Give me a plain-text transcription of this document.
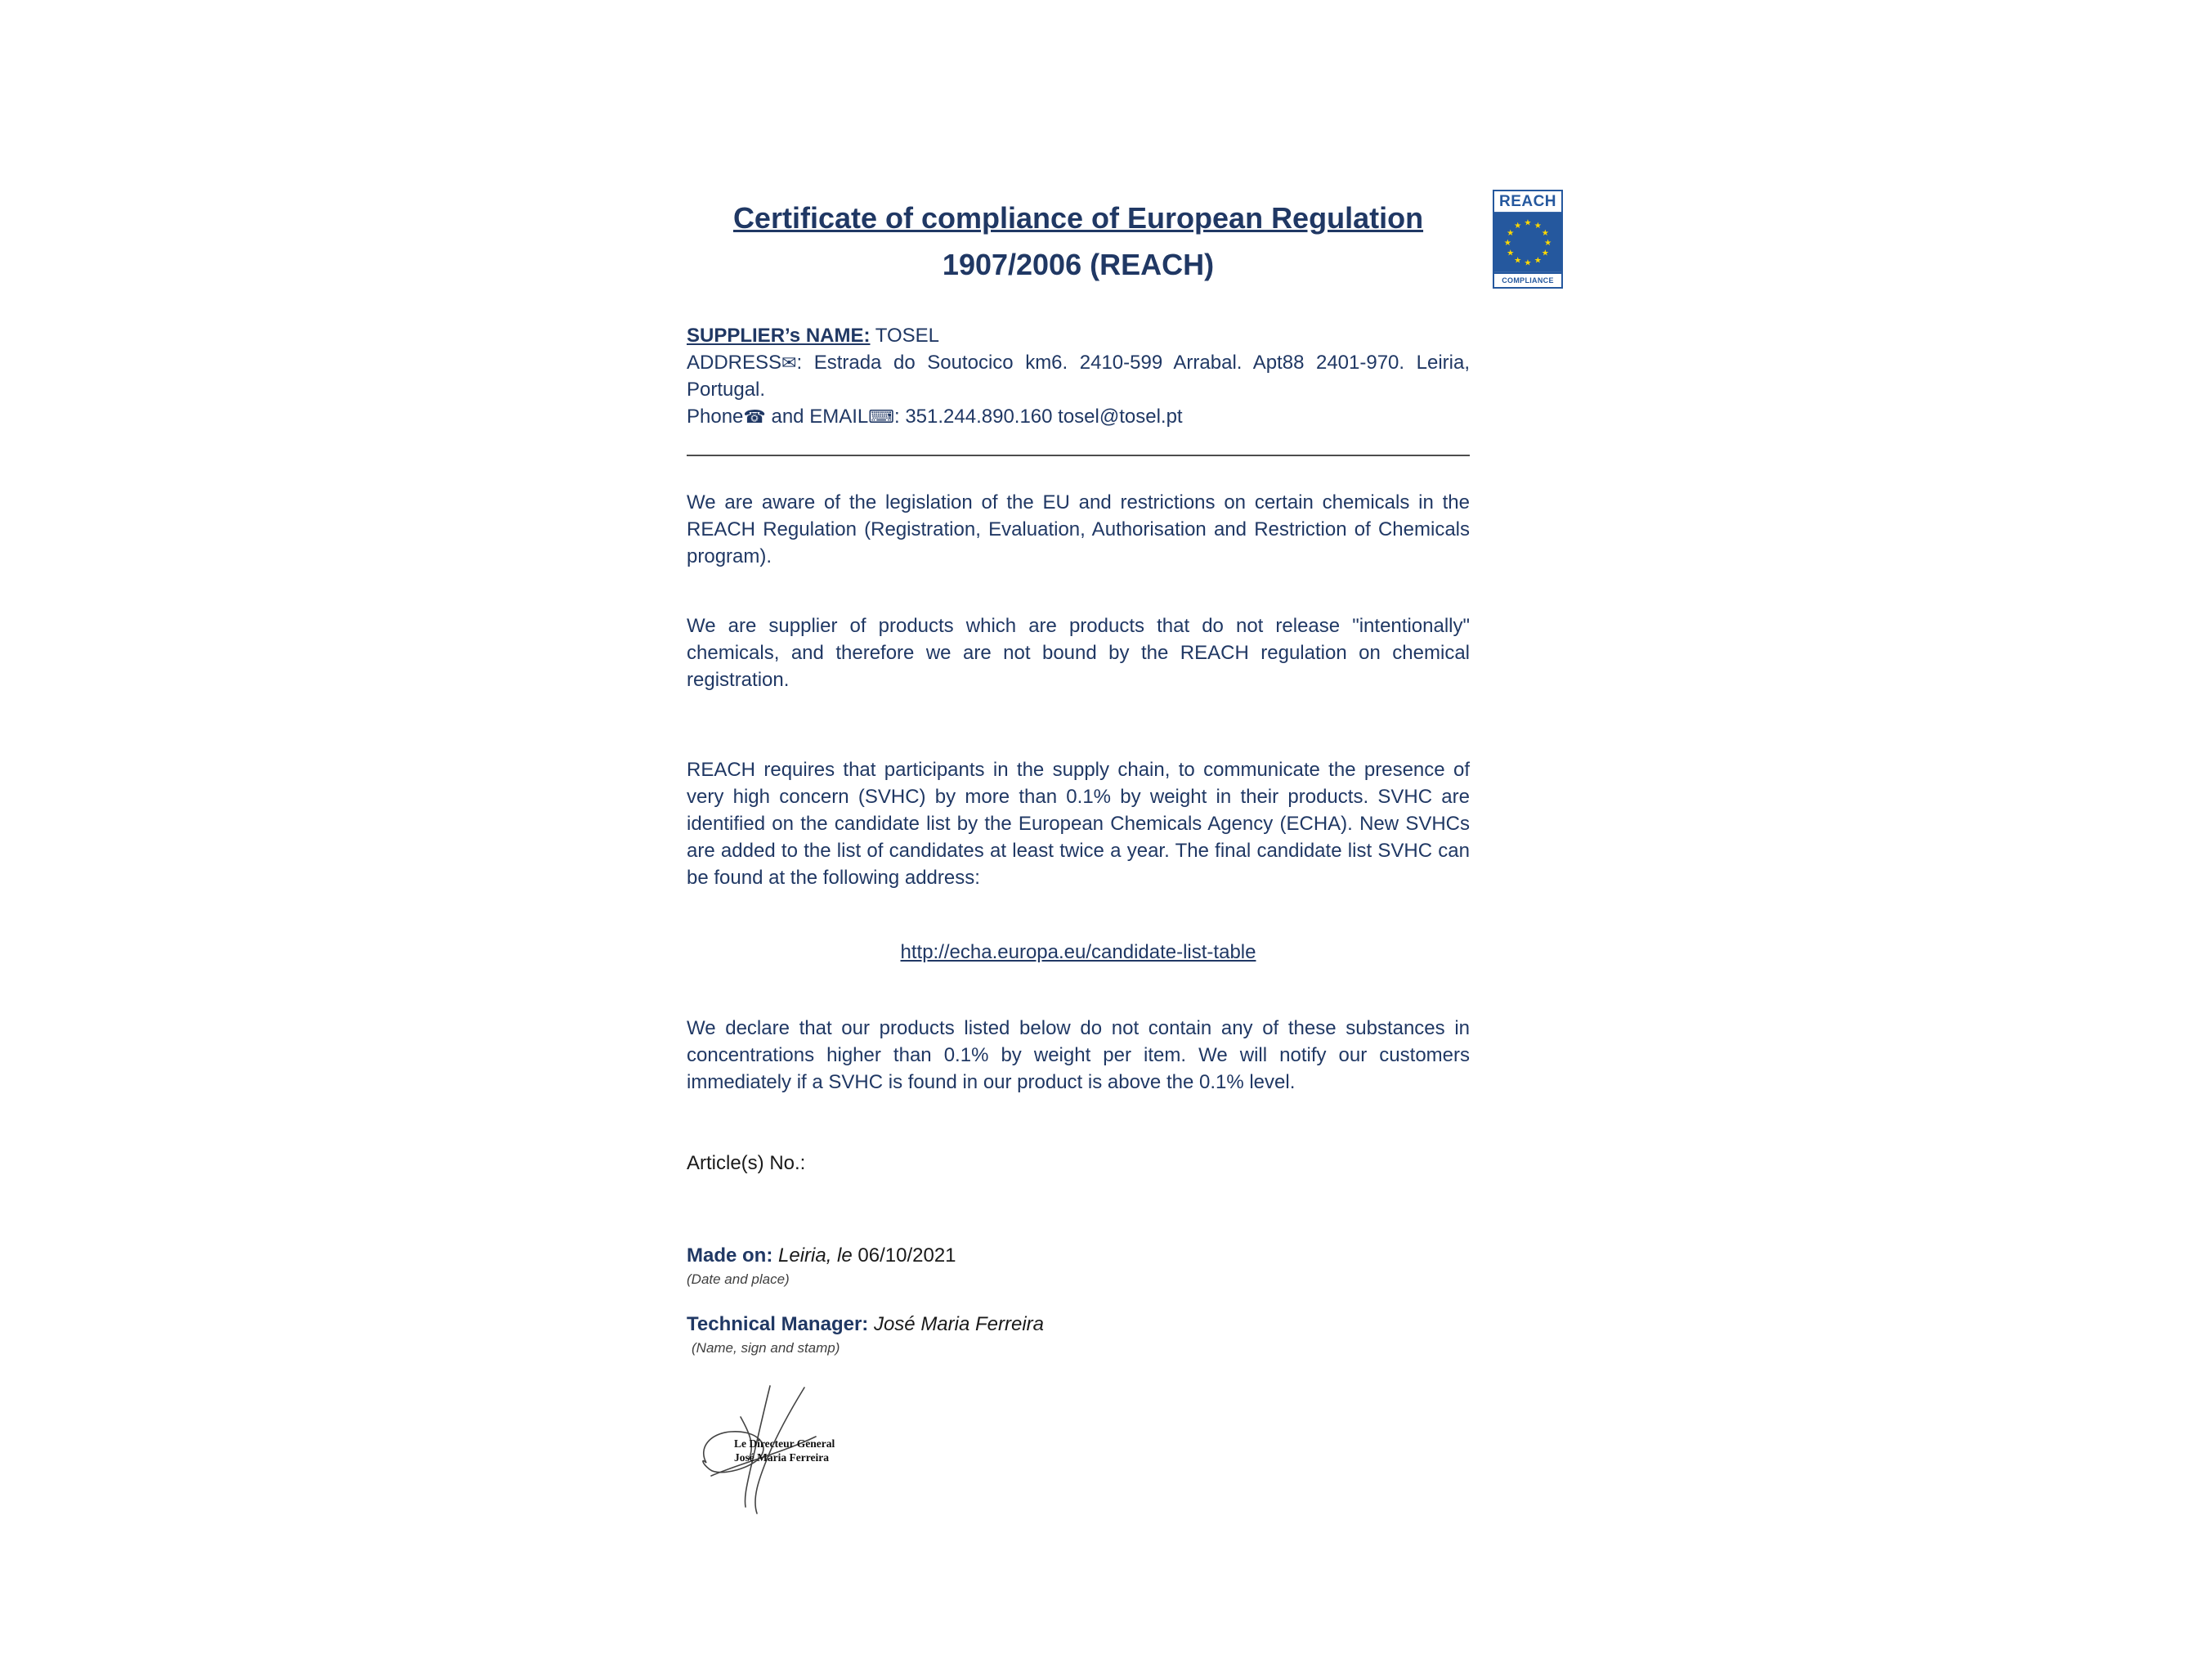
REACH
★ ★
★
★
★
★
★
★
★
★
★
★
COMPLIANCE
Certificate of compliance of European Regulation
1907/2006 (REACH)

SUPPLIER’s NAME: TOSEL

ADDRESS✉: Estrada do Soutocico km6. 2410-599 Arrabal. Apt88 2401-970. Leiria, Portugal.

Phone☎ and EMAIL⌨: 351.244.890.160 tosel@tosel.pt

We are aware of the legislation of the EU and restrictions on certain chemicals in the REACH Regulation (Registration, Evaluation, Authorisation and Restriction of Chemicals program).

We are supplier of products which are products that do not release "intentionally" chemicals, and therefore we are not bound by the REACH regulation on chemical registration.

REACH requires that participants in the supply chain, to communicate the presence of very high concern (SVHC) by more than 0.1% by weight in their products. SVHC are identified on the candidate list by the European Chemicals Agency (ECHA). New SVHCs are added to the list of candidates at least twice a year. The final candidate list SVHC can be found at the following address:

http://echa.europa.eu/candidate-list-table

We declare that our products listed below do not contain any of these substances in concentrations higher than 0.1% by weight per item. We will notify our customers immediately if a SVHC is found in our product is above the 0.1% level.

Article(s) No.:

Made on: Leiria, le 06/10/2021

(Date and place)

Technical Manager: José Maria Ferreira

(Name, sign and stamp)

Le Directeur General
José Maria Ferreira
